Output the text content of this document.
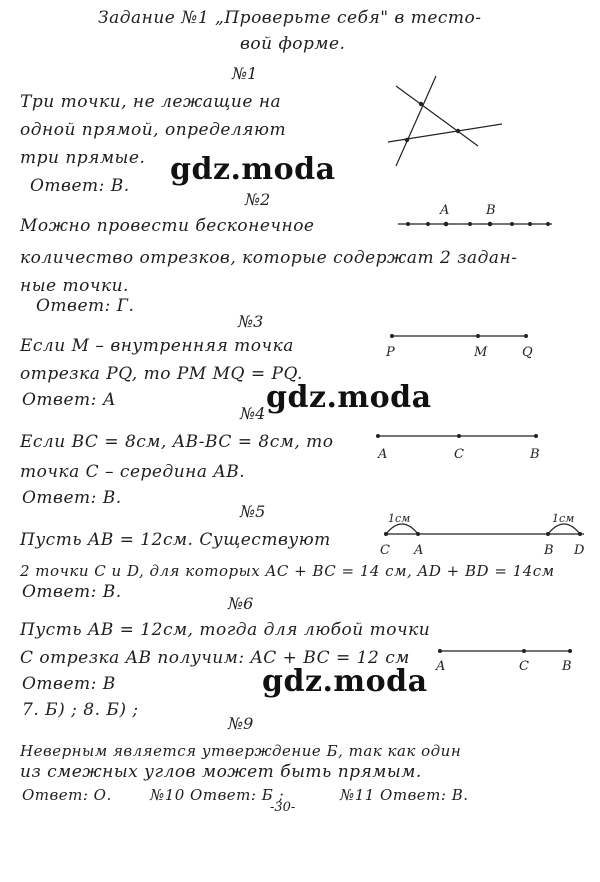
Задание №1 „Проверьте себя" в тесто-
вой форме.
№1
Три точки, не лежащие на
одной прямой, определяют
три прямые.
Ответ: В.
№2
Можно провести бесконечное
количество отрезков, которые содержат 2 задан-
ные точки.
Ответ: Г.
№3
Если M – внутренняя точка
отрезка PQ, то PM MQ = PQ.
Ответ: А
№4
Если BC = 8см, AB-BC = 8см, то
точка C – середина AB.
Ответ: В.
№5
Пусть AB = 12см. Существуют
2 точки C и D, для которых AC + BC = 14 см, AD + BD = 14см
Ответ: В.
№6
Пусть AB = 12см, тогда для любой точки
C отрезка AB получим: AC + BC = 12 см
Ответ: В
7. Б) ; 8. Б) ;
№9
Неверным является утверждение Б, так как один
из смежных углов может быть прямым.
Ответ: О.	№10 Ответ: Б ;	№11 Ответ: В.
-30-
gdz.moda
gdz.moda
gdz.moda
A	B
P	M	Q
A	C	B
1см	1см
C A	B D
A	C	B
